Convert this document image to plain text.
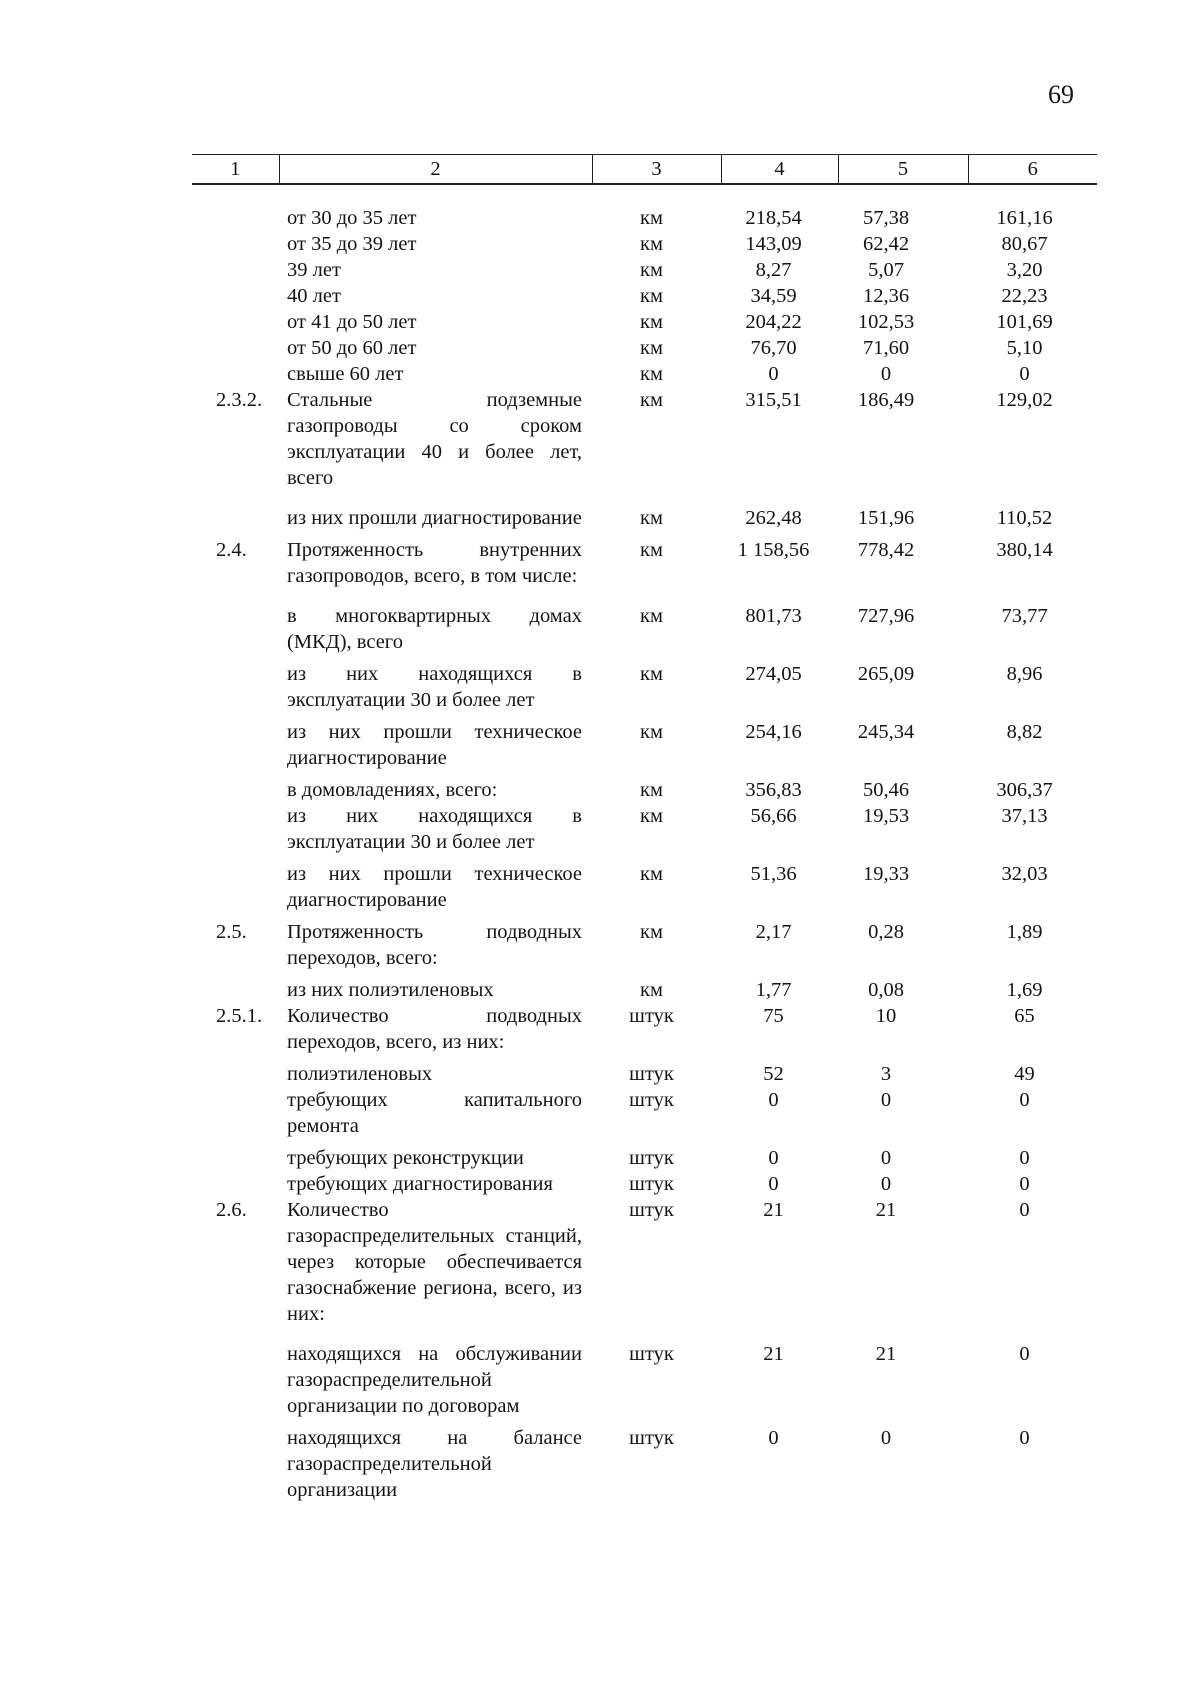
69
1	2	3	4	5	6
	от 30 до 35 лет	км	218,54	57,38	161,16
	от 35 до 39 лет	км	143,09	62,42	80,67
	39 лет	км	8,27	5,07	3,20
	40 лет	км	34,59	12,36	22,23
	от 41 до 50 лет	км	204,22	102,53	101,69
	от 50 до 60 лет	км	76,70	71,60	5,10
	свыше 60 лет	км	0	0	0
2.3.2.	Стальные подземные газопроводы со сроком эксплуатации 40 и более лет, всего	км	315,51	186,49	129,02
	из них прошли диагностирование	км	262,48	151,96	110,52
2.4.	Протяженность внутренних газопроводов, всего, в том числе:	км	1 158,56	778,42	380,14
	в многоквартирных домах (МКД), всего	км	801,73	727,96	73,77
	из них находящихся в эксплуатации 30 и более лет	км	274,05	265,09	8,96
	из них прошли техническое диагностирование	км	254,16	245,34	8,82
	в домовладениях, всего:	км	356,83	50,46	306,37
	из них находящихся в эксплуатации 30 и более лет	км	56,66	19,53	37,13
	из них прошли техническое диагностирование	км	51,36	19,33	32,03
2.5.	Протяженность подводных переходов, всего:	км	2,17	0,28	1,89
	из них полиэтиленовых	км	1,77	0,08	1,69
2.5.1.	Количество подводных переходов, всего, из них:	штук	75	10	65
	полиэтиленовых	штук	52	3	49
	требующих капитального ремонта	штук	0	0	0
	требующих реконструкции	штук	0	0	0
	требующих диагностирования	штук	0	0	0
2.6.	Количество газораспределительных станций, через которые обеспечивается газоснабжение региона, всего, из них:	штук	21	21	0
	находящихся на обслуживании газораспределительной организации по договорам	штук	21	21	0
	находящихся на балансе газораспределительной организации	штук	0	0	0
